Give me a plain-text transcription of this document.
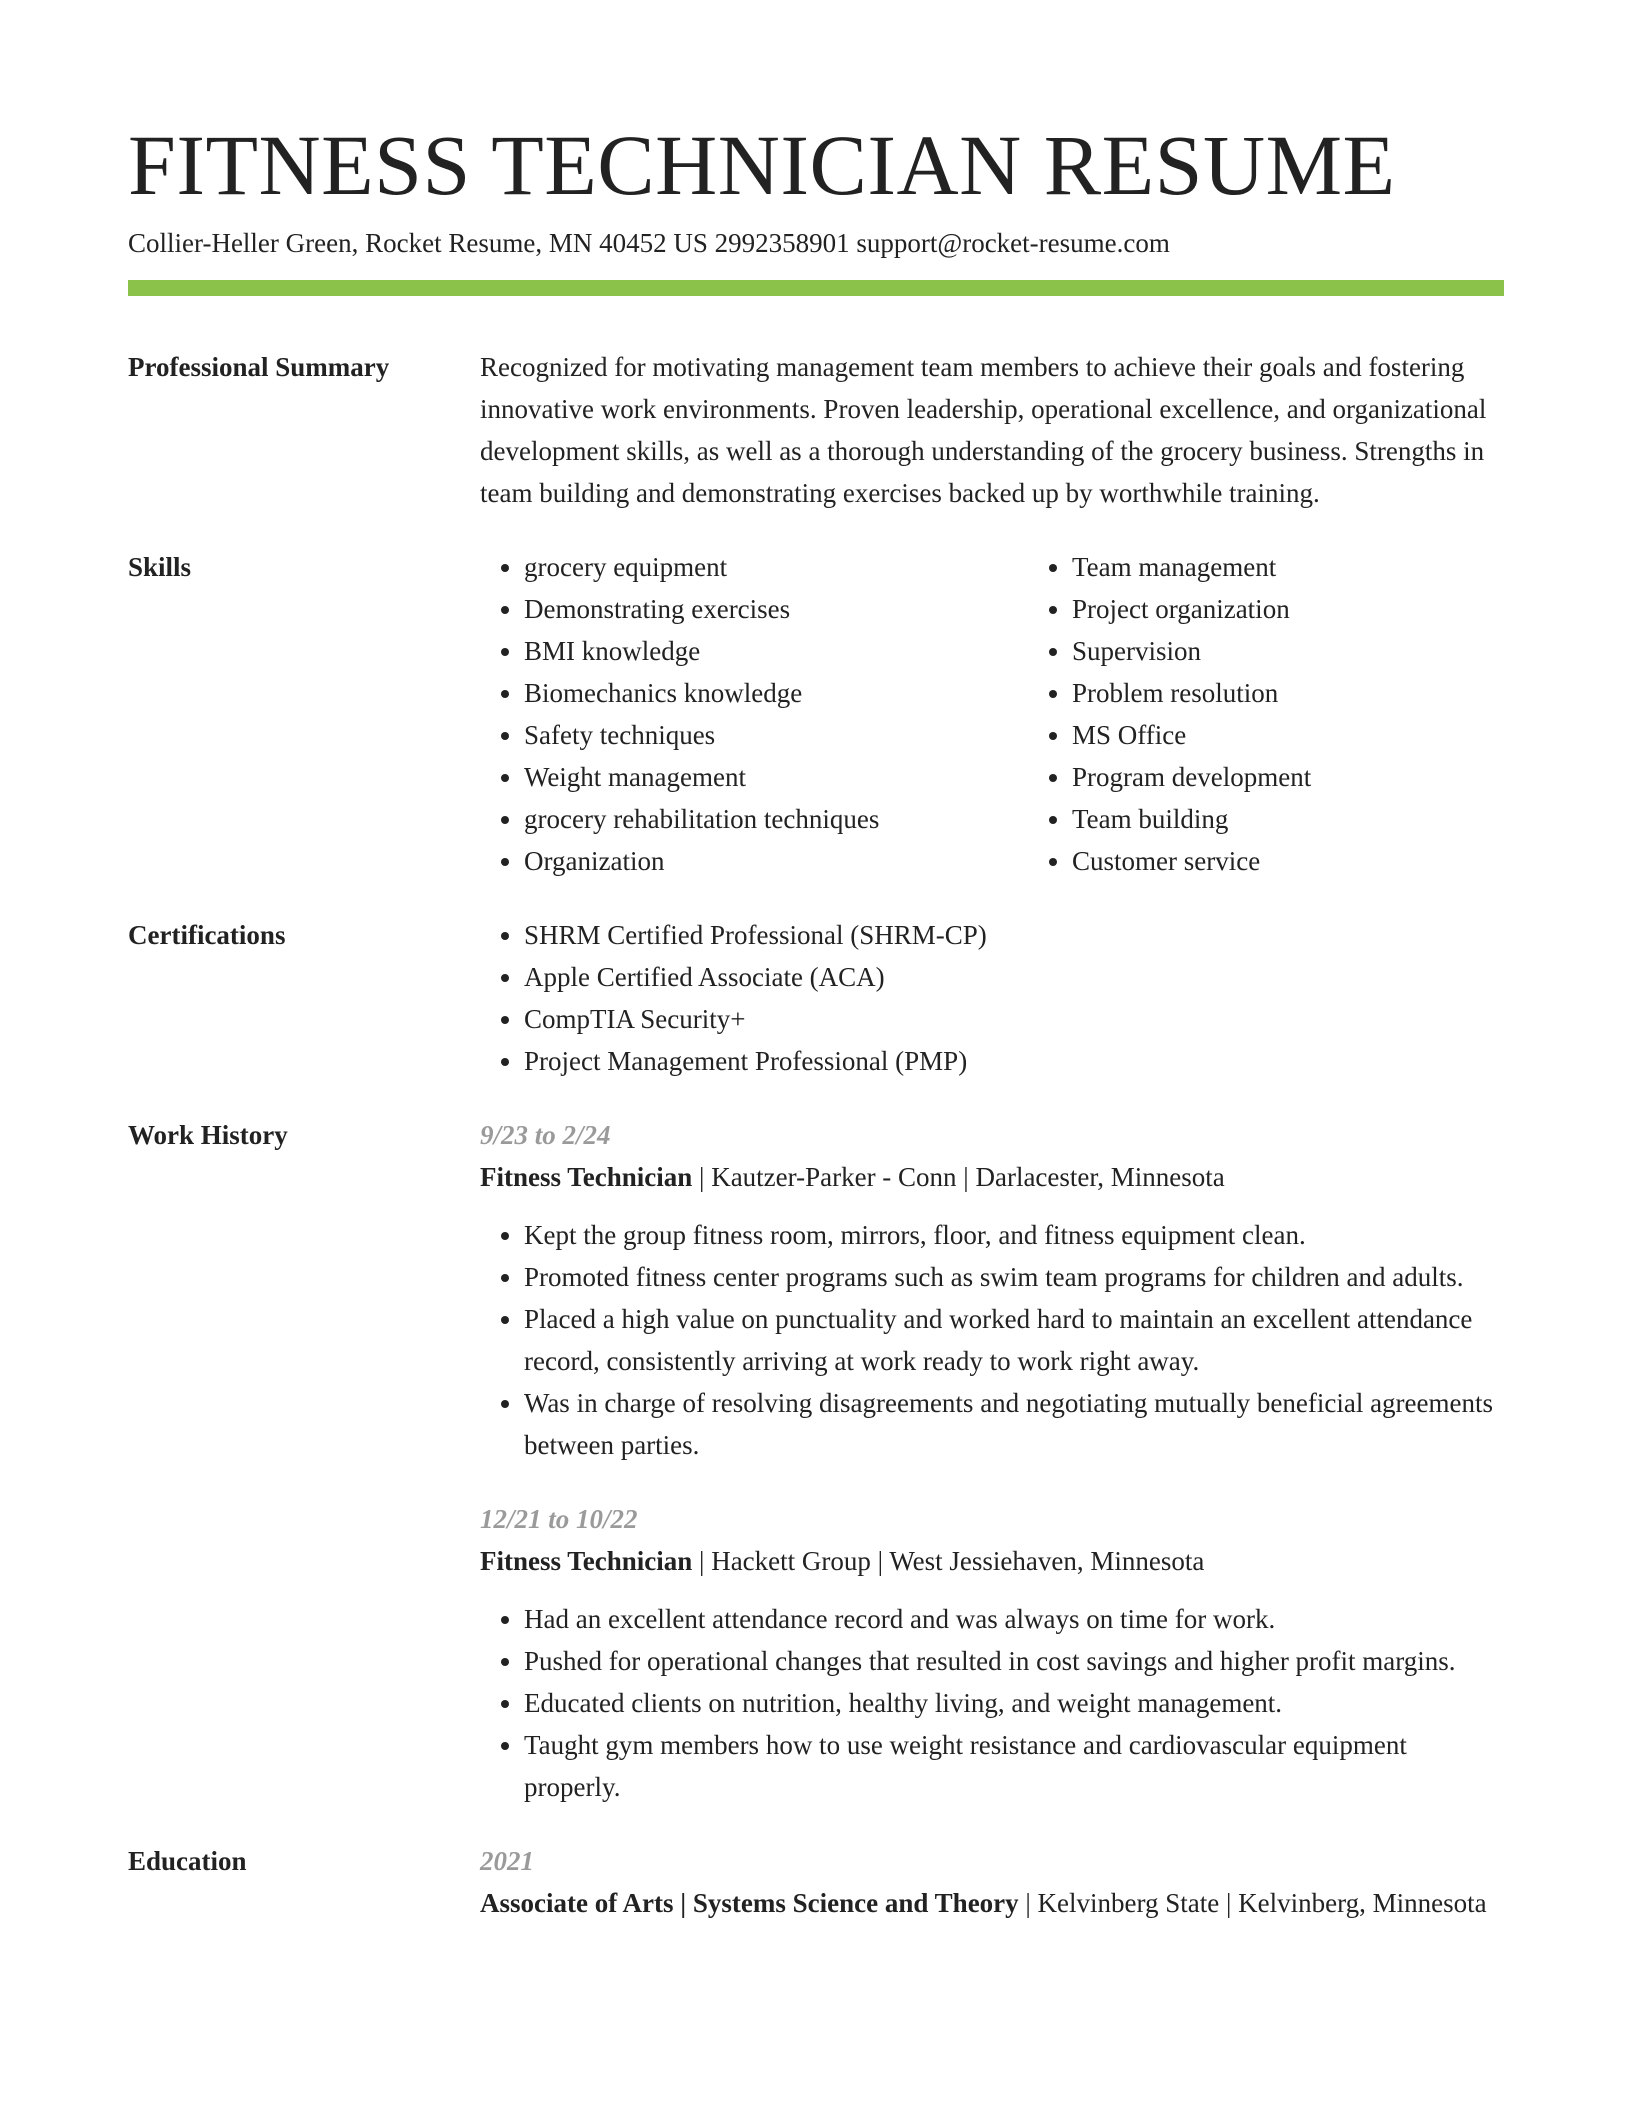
FITNESS TECHNICIAN RESUME
Collier-Heller Green, Rocket Resume, MN 40452 US 2992358901 support@rocket-resume.com
Professional Summary	Recognized for motivating management team members to achieve their goals and fostering innovative work environments. Proven leadership, operational excellence, and organizational development skills, as well as a thorough understanding of the grocery business. Strengths in team building and demonstrating exercises backed up by worthwhile training.

Skills	• grocery equipment
• Demonstrating exercises
• BMI knowledge
• Biomechanics knowledge
• Safety techniques
• Weight management
• grocery rehabilitation techniques
• Organization
• Team management
• Project organization
• Supervision
• Problem resolution
• MS Office
• Program development
• Team building
• Customer service
Certifications	• SHRM Certified Professional (SHRM-CP)
• Apple Certified Associate (ACA)
• CompTIA Security+
• Project Management Professional (PMP)
Work History	9/23 to 2/24
Fitness Technician | Kautzer-Parker - Conn | Darlacester, Minnesota
• Kept the group fitness room, mirrors, floor, and fitness equipment clean.
• Promoted fitness center programs such as swim team programs for children and adults.
• Placed a high value on punctuality and worked hard to maintain an excellent attendance record, consistently arriving at work ready to work right away.
• Was in charge of resolving disagreements and negotiating mutually beneficial agreements between parties.
12/21 to 10/22
Fitness Technician | Hackett Group | West Jessiehaven, Minnesota
• Had an excellent attendance record and was always on time for work.
• Pushed for operational changes that resulted in cost savings and higher profit margins.
• Educated clients on nutrition, healthy living, and weight management.
• Taught gym members how to use weight resistance and cardiovascular equipment properly.
Education	2021
Associate of Arts | Systems Science and Theory | Kelvinberg State | Kelvinberg, Minnesota
